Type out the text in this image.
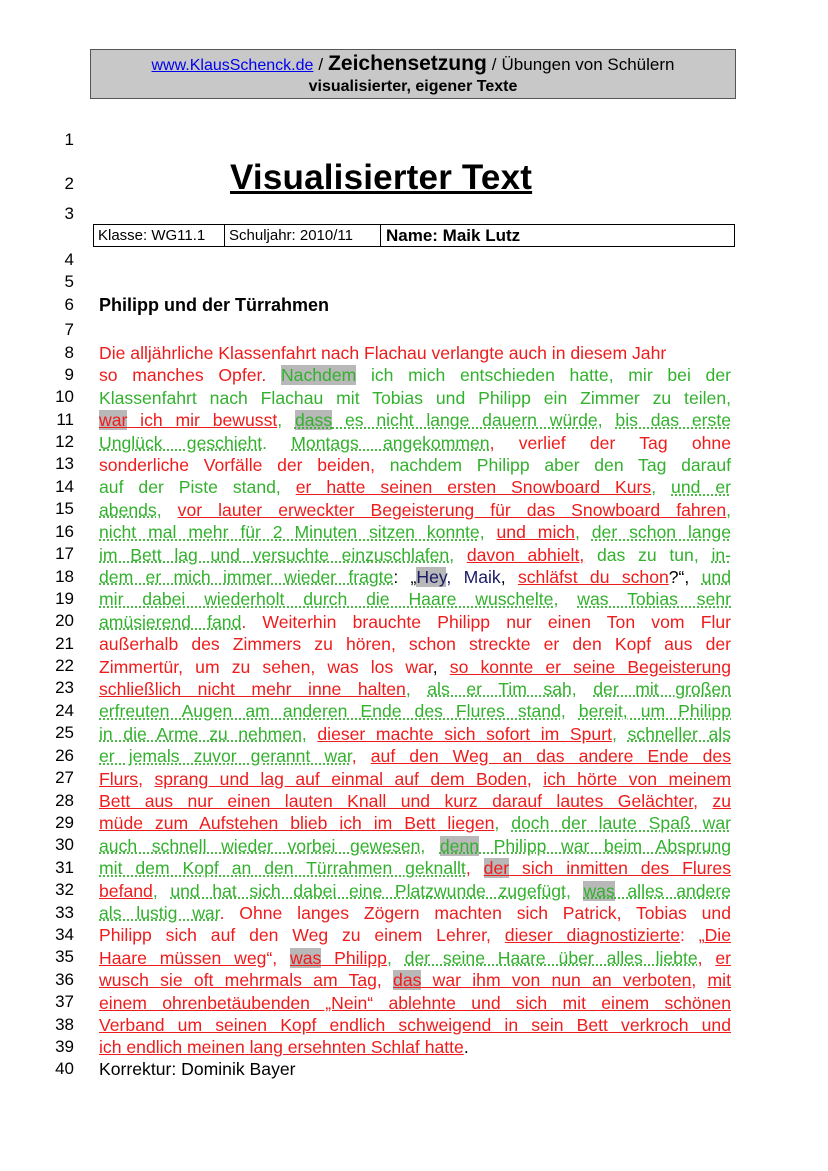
www.KlausSchenck.de / Zeichensetzung / Übungen von Schülern
visualisierter, eigener Texte
1
2
3
4
5
6
7
8
9
10
11
12
13
14
15
16
17
18
19
20
21
22
23
24
25
26
27
28
29
30
31
32
33
34
35
36
37
38
39
40
Visualisierter Text
Klasse: WG11.1	Schuljahr: 2010/11	Name: Maik Lutz
Philipp und der Türrahmen
Die alljährliche Klassenfahrt nach Flachau verlangte auch in diesem Jahr
so manches Opfer. Nachdem ich mich entschieden hatte, mir bei der
Klassenfahrt nach Flachau mit Tobias und Philipp ein Zimmer zu teilen,
war ich mir bewusst, dass es nicht lange dauern würde, bis das erste
Unglück geschieht. Montags angekommen, verlief der Tag ohne
sonderliche Vorfälle der beiden, nachdem Philipp aber den Tag darauf
auf der Piste stand, er hatte seinen ersten Snowboard Kurs, und er
abends, vor lauter erweckter Begeisterung für das Snowboard fahren,
nicht mal mehr für 2 Minuten sitzen konnte, und mich, der schon lange
im Bett lag und versuchte einzuschlafen, davon abhielt, das zu tun, in-
dem er mich immer wieder fragte: „Hey, Maik, schläfst du schon?“, und
mir dabei wiederholt durch die Haare wuschelte, was Tobias sehr
amüsierend fand. Weiterhin brauchte Philipp nur einen Ton vom Flur
außerhalb des Zimmers zu hören, schon streckte er den Kopf aus der
Zimmertür, um zu sehen, was los war, so konnte er seine Begeisterung
schließlich nicht mehr inne halten, als er Tim sah, der mit großen
erfreuten Augen am anderen Ende des Flures stand, bereit, um Philipp
in die Arme zu nehmen, dieser machte sich sofort im Spurt, schneller als
er jemals zuvor gerannt war, auf den Weg an das andere Ende des
Flurs, sprang und lag auf einmal auf dem Boden, ich hörte von meinem
Bett aus nur einen lauten Knall und kurz darauf lautes Gelächter, zu
müde zum Aufstehen blieb ich im Bett liegen, doch der laute Spaß war
auch schnell wieder vorbei gewesen, denn Philipp war beim Absprung
mit dem Kopf an den Türrahmen geknallt, der sich inmitten des Flures
befand, und hat sich dabei eine Platzwunde zugefügt, was alles andere
als lustig war. Ohne langes Zögern machten sich Patrick, Tobias und
Philipp sich auf den Weg zu einem Lehrer, dieser diagnostizierte: „Die
Haare müssen weg“, was Philipp, der seine Haare über alles liebte, er
wusch sie oft mehrmals am Tag, das war ihm von nun an verboten, mit
einem ohrenbetäubenden „Nein“ ablehnte und sich mit einem schönen
Verband um seinen Kopf endlich schweigend in sein Bett verkroch und
ich endlich meinen lang ersehnten Schlaf hatte.
Korrektur: Dominik Bayer
